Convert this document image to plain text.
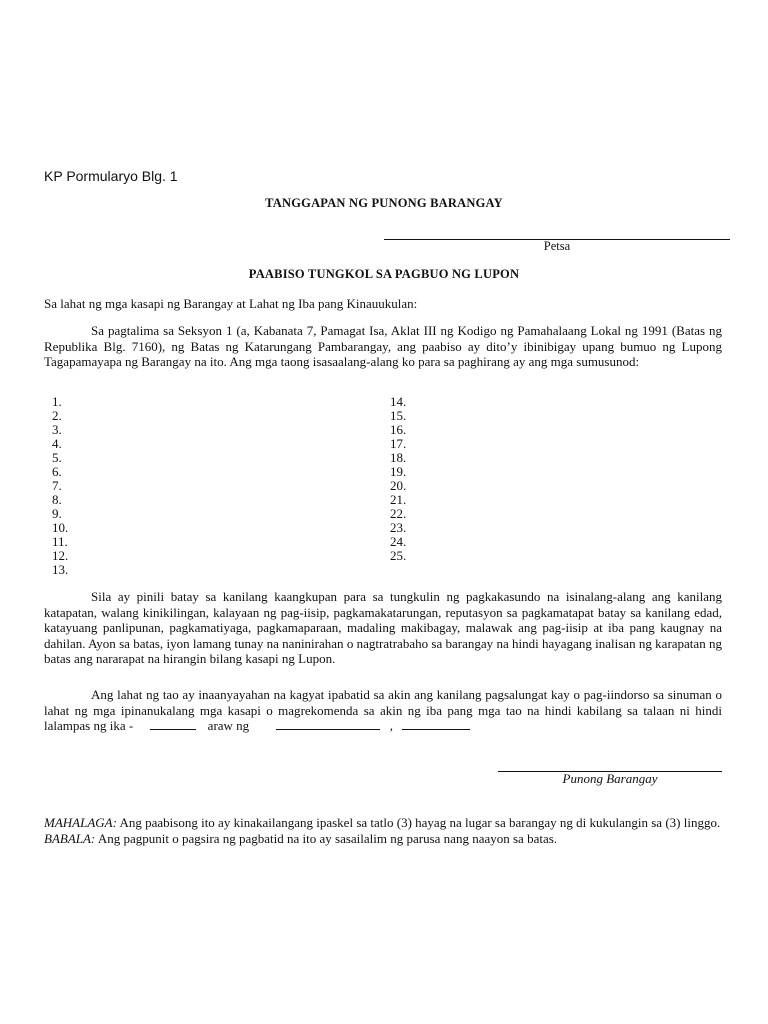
KP Pormularyo Blg. 1
TANGGAPAN NG PUNONG BARANGAY
Petsa
PAABISO TUNGKOL SA PAGBUO NG LUPON
Sa lahat ng mga kasapi ng Barangay at Lahat ng Iba pang Kinauukulan:
Sa pagtalima sa Seksyon 1 (a, Kabanata 7, Pamagat Isa, Aklat III ng Kodigo ng Pamahalaang Lokal ng 1991 (Batas ng Republika Blg. 7160), ng Batas ng Katarungang Pambarangay, ang paabiso ay dito’y ibinibigay upang bumuo ng Lupong Tagapamayapa ng Barangay na ito. Ang mga taong isasaalang-alang ko para sa paghirang ay ang mga sumusunod:
1.
2.
3.
4.
5.
6.
7.
8.
9.
10.
11.
12.
13.
14.
15.
16.
17.
18.
19.
20.
21.
22.
23.
24.
25.
Sila ay pinili batay sa kanilang kaangkupan para sa tungkulin ng pagkakasundo na isinalang-alang ang kanilang katapatan, walang kinikilingan, kalayaan ng pag-iisip, pagkamakatarungan, reputasyon sa pagkamatapat batay sa kanilang edad, katayuang panlipunan, pagkamatiyaga, pagkamaparaan, madaling makibagay, malawak ang pag-iisip at iba pang kaugnay na dahilan. Ayon sa batas, iyon lamang tunay na naninirahan o nagtratrabaho sa barangay na hindi hayagang inalisan ng karapatan ng batas ang nararapat na hirangin bilang kasapi ng Lupon.
Ang lahat ng tao ay inaanyayahan na kagyat ipabatid sa akin ang kanilang pagsalungat kay o pag-iindorso sa sinuman o lahat ng mga ipinanukalang mga kasapi o magrekomenda sa akin ng iba pang mga tao na hindi kabilang sa talaan ni hindi lalampas ng ika -	araw ng	,
Punong Barangay
MAHALAGA: Ang paabisong ito ay kinakailangang ipaskel sa tatlo (3) hayag na lugar sa barangay ng di kukulangin sa (3) linggo.
BABALA: Ang pagpunit o pagsira ng pagbatid na ito ay sasailalim ng parusa nang naayon sa batas.
